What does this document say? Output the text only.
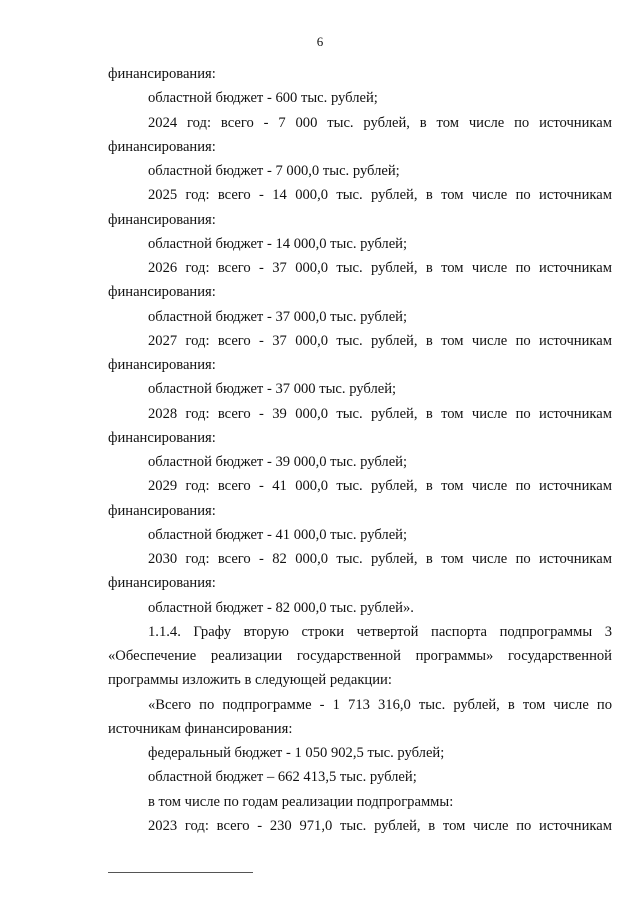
6
финансирования:
областной бюджет - 600 тыс. рублей;
2024 год: всего - 7 000 тыс. рублей, в том числе по источникам
финансирования:
областной бюджет - 7 000,0 тыс. рублей;
2025 год: всего - 14 000,0 тыс. рублей, в том числе по источникам
финансирования:
областной бюджет - 14 000,0 тыс. рублей;
2026 год: всего - 37 000,0 тыс. рублей, в том числе по источникам
финансирования:
областной бюджет - 37 000,0 тыс. рублей;
2027 год: всего - 37 000,0 тыс. рублей, в том числе по источникам
финансирования:
областной бюджет - 37 000 тыс. рублей;
2028 год: всего - 39 000,0 тыс. рублей, в том числе по источникам
финансирования:
областной бюджет - 39 000,0 тыс. рублей;
2029 год: всего - 41 000,0 тыс. рублей, в том числе по источникам
финансирования:
областной бюджет - 41 000,0 тыс. рублей;
2030 год: всего - 82 000,0 тыс. рублей, в том числе по источникам
финансирования:
областной бюджет - 82 000,0 тыс. рублей».
1.1.4. Графу вторую строки четвертой паспорта подпрограммы 3
«Обеспечение реализации государственной программы» государственной
программы изложить в следующей редакции:
«Всего по подпрограмме - 1 713 316,0 тыс. рублей, в том числе по
источникам финансирования:
федеральный бюджет - 1 050 902,5 тыс. рублей;
областной бюджет – 662 413,5 тыс. рублей;
в том числе по годам реализации подпрограммы:
2023 год: всего - 230 971,0 тыс. рублей, в том числе по источникам
